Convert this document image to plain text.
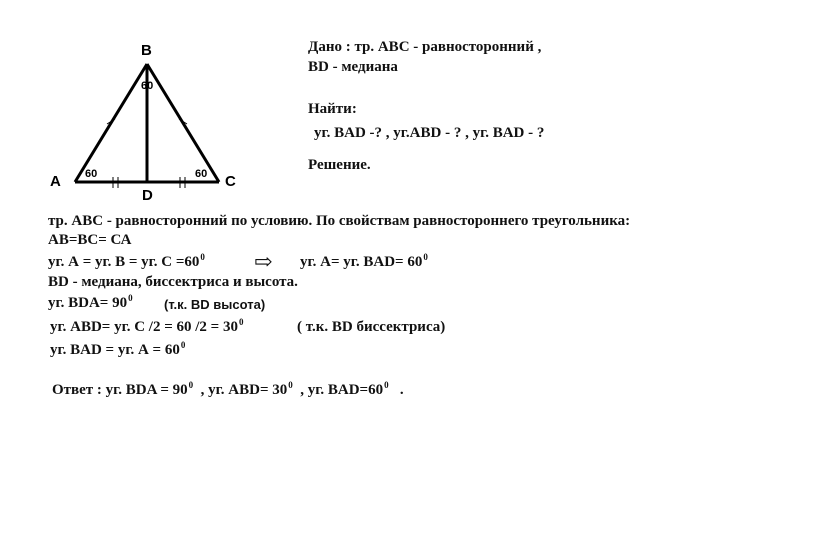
B
A	C
D
60
60	60
Дано : тр. АВС - равносторонний ,
BD - медиана
Найти:
уг. BAD -? , уг.ABD - ? , уг. BAD - ?
Решение.
тр. АВС - равносторонний по условию. По свойствам равностороннего треугольника:
АВ=ВС= СА
уг. А = уг. В = уг. $С =60^0$ ⇨ уг. А= уг. $BAD= 60^0$
BD - медиана, биссектриса и высота.
уг. $BDA= 90^0$ (т.к. BD высота)
уг. ABD= уг. С /2 = 60 $/2 = 30^0$	( т.к. BD биссектриса)
уг. BAD = уг. $А = 60^0$
Ответ : уг. BDA = $90^0$ , уг. $ABD= 30^0$ , уг. $BAD=60^0$ .
